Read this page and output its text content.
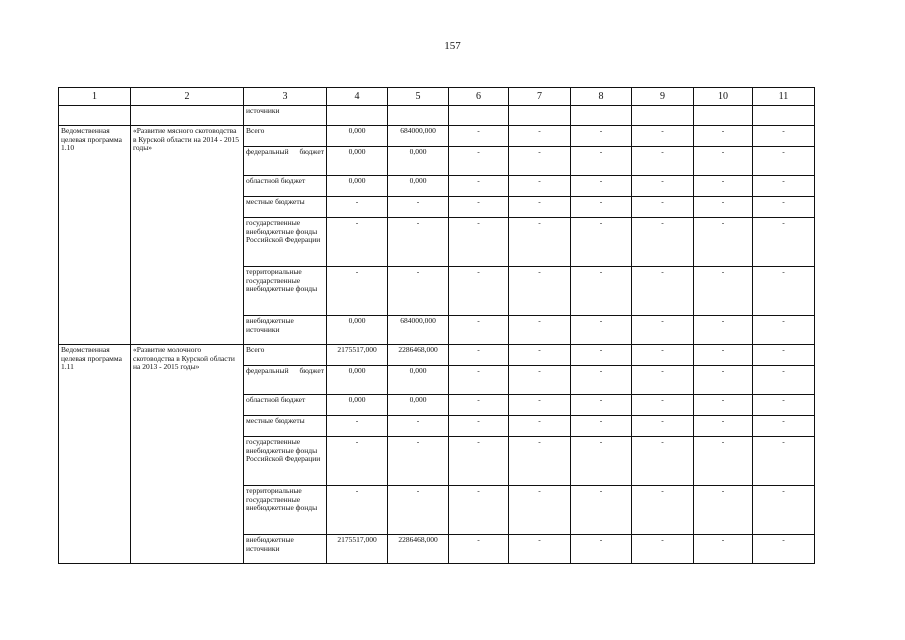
157
1	2	3	4	5	6	7	8	9	10	11
		источники								
Ведомственная целевая программа 1.10	«Развитие мясного скотоводства в Курской области на 2014 - 2015 годы»	Всего	0,000	684000,000	-	-	-	-	-	-
		федеральный бюджет	0,000	0,000	-	-	-	-	-	-
		областной бюджет	0,000	0,000	-	-	-	-	-	-
		местные бюджеты	-	-	-	-	-	-	-	-
		государственные внебюджетные фонды Российской Федерации	-	-	-	-	-	-	-	-
		территориальные государственные внебюджетные фонды	-	-	-	-	-	-	-	-
		внебюджетные источники	0,000	684000,000	-	-	-	-	-	-
Ведомственная целевая программа 1.11	«Развитие молочного скотоводства в Курской области на 2013 - 2015 годы»	Всего	2175517,000	2286468,000	-	-	-	-	-	-
		федеральный бюджет	0,000	0,000	-	-	-	-	-	-
		областной бюджет	0,000	0,000	-	-	-	-	-	-
		местные бюджеты	-	-	-	-	-	-	-	-
		государственные внебюджетные фонды Российской Федерации	-	-	-	-	-	-	-	-
		территориальные государственные внебюджетные фонды	-	-	-	-	-	-	-	-
		внебюджетные источники	2175517,000	2286468,000	-	-	-	-	-	-
